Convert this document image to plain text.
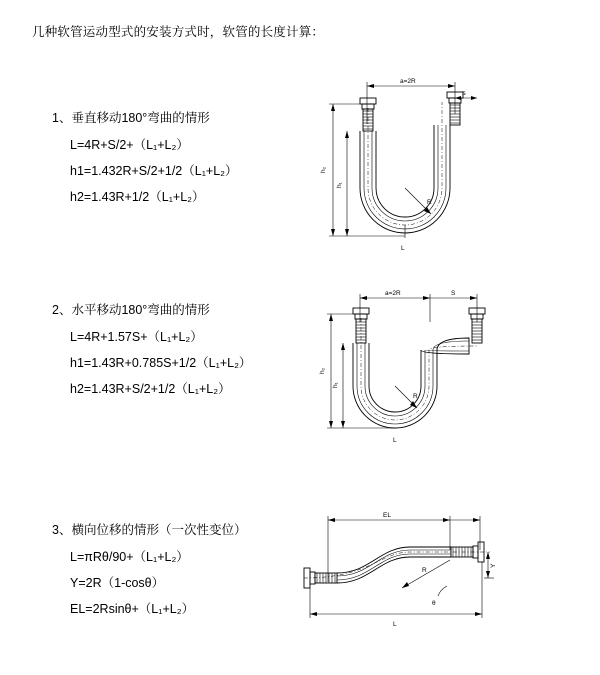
几种软管运动型式的安装方式时，软管的长度计算：
1、垂直移动180°弯曲的情形
L=4R+S/2+（L₁+L₂）
h1=1.432R+S/2+1/2（L₁+L₂）
h2=1.43R+1/2（L₁+L₂）
a=2R
S
R
h₂
h₁
L
2、水平移动180°弯曲的情形
L=4R+1.57S+（L₁+L₂）
h1=1.43R+0.785S+1/2（L₁+L₂）
h2=1.43R+S/2+1/2（L₁+L₂）
a=2R	S
R
h₂
h₁
L
3、横向位移的情形（一次性变位）
L=πRθ/90+（L₁+L₂）
Y=2R（1-cosθ）
EL=2Rsinθ+（L₁+L₂）
EL
R
θ
Y
L
